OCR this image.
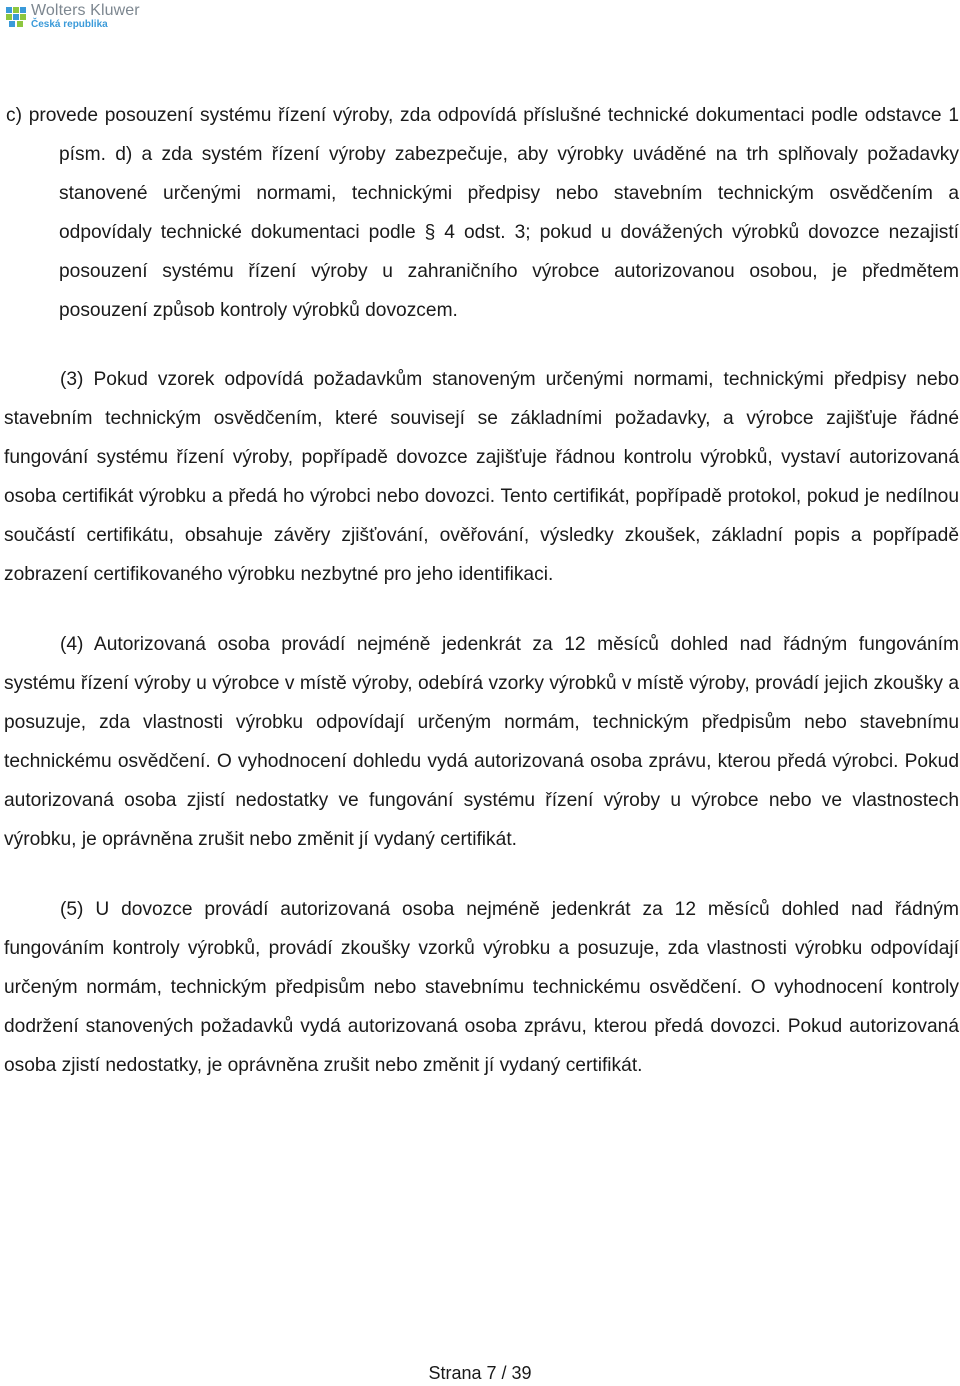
Wolters Kluwer
Česká republika

c) provede posouzení systému řízení výroby, zda odpovídá příslušné technické dokumentaci podle odstavce 1 písm. d) a zda systém řízení výroby zabezpečuje, aby výrobky uváděné na trh splňovaly požadavky stanovené určenými normami, technickými předpisy nebo stavebním technickým osvědčením a odpovídaly technické dokumentaci podle § 4 odst. 3; pokud u dovážených výrobků dovozce nezajistí posouzení systému řízení výroby u zahraničního výrobce autorizovanou osobou, je předmětem posouzení způsob kontroly výrobků dovozcem.

(3) Pokud vzorek odpovídá požadavkům stanoveným určenými normami, technickými předpisy nebo stavebním technickým osvědčením, které souvisejí se základními požadavky, a výrobce zajišťuje řádné fungování systému řízení výroby, popřípadě dovozce zajišťuje řádnou kontrolu výrobků, vystaví autorizovaná osoba certifikát výrobku a předá ho výrobci nebo dovozci. Tento certifikát, popřípadě protokol, pokud je nedílnou součástí certifikátu, obsahuje závěry zjišťování, ověřování, výsledky zkoušek, základní popis a popřípadě zobrazení certifikovaného výrobku nezbytné pro jeho identifikaci.

(4) Autorizovaná osoba provádí nejméně jedenkrát za 12 měsíců dohled nad řádným fungováním systému řízení výroby u výrobce v místě výroby, odebírá vzorky výrobků v místě výroby, provádí jejich zkoušky a posuzuje, zda vlastnosti výrobku odpovídají určeným normám, technickým předpisům nebo stavebnímu technickému osvědčení. O vyhodnocení dohledu vydá autorizovaná osoba zprávu, kterou předá výrobci. Pokud autorizovaná osoba zjistí nedostatky ve fungování systému řízení výroby u výrobce nebo ve vlastnostech výrobku, je oprávněna zrušit nebo změnit jí vydaný certifikát.

(5) U dovozce provádí autorizovaná osoba nejméně jedenkrát za 12 měsíců dohled nad řádným fungováním kontroly výrobků, provádí zkoušky vzorků výrobku a posuzuje, zda vlastnosti výrobku odpovídají určeným normám, technickým předpisům nebo stavebnímu technickému osvědčení. O vyhodnocení kontroly dodržení stanovených požadavků vydá autorizovaná osoba zprávu, kterou předá dovozci. Pokud autorizovaná osoba zjistí nedostatky, je oprávněna zrušit nebo změnit jí vydaný certifikát.

Strana 7 / 39
